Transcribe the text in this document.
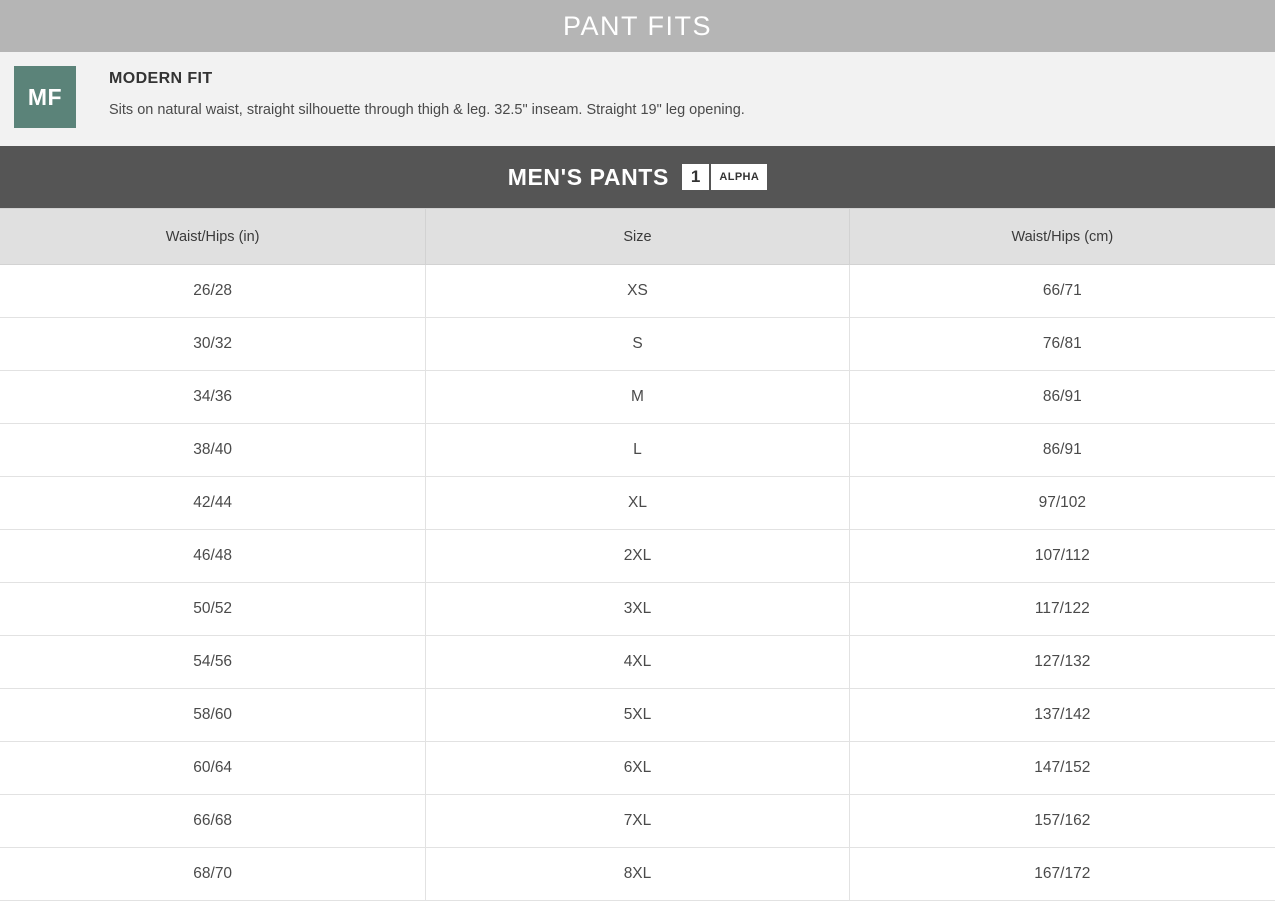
PANT FITS
MF
MODERN FIT
Sits on natural waist, straight silhouette through thigh & leg. 32.5" inseam. Straight 19" leg opening.
MEN'S PANTS	1	ALPHA
Waist/Hips (in)	Size	Waist/Hips (cm)
26/28	XS	66/71
30/32	S	76/81
34/36	M	86/91
38/40	L	86/91
42/44	XL	97/102
46/48	2XL	107/112
50/52	3XL	117/122
54/56	4XL	127/132
58/60	5XL	137/142
60/64	6XL	147/152
66/68	7XL	157/162
68/70	8XL	167/172
